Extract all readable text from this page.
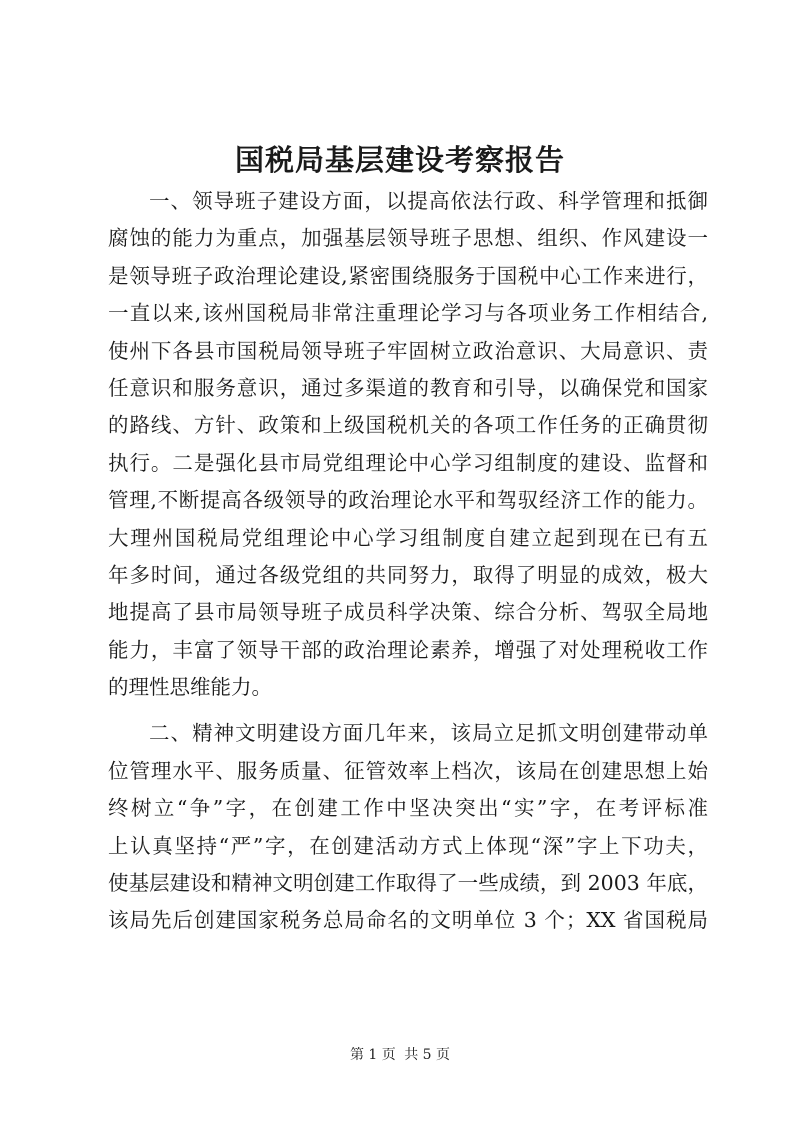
国税局基层建设考察报告
一、领导班子建设方面，以提高依法行政、科学管理和抵御
腐蚀的能力为重点，加强基层领导班子思想、组织、作风建设一
是领导班子政治理论建设,紧密围绕服务于国税中心工作来进行，
一直以来,该州国税局非常注重理论学习与各项业务工作相结合,
使州下各县市国税局领导班子牢固树立政治意识、大局意识、责
任意识和服务意识，通过多渠道的教育和引导，以确保党和国家
的路线、方针、政策和上级国税机关的各项工作任务的正确贯彻
执行。二是强化县市局党组理论中心学习组制度的建设、监督和
管理,不断提高各级领导的政治理论水平和驾驭经济工作的能力。
大理州国税局党组理论中心学习组制度自建立起到现在已有五
年多时间，通过各级党组的共同努力，取得了明显的成效，极大
地提高了县市局领导班子成员科学决策、综合分析、驾驭全局地
能力，丰富了领导干部的政治理论素养，增强了对处理税收工作
的理性思维能力。
二、精神文明建设方面几年来，该局立足抓文明创建带动单
位管理水平、服务质量、征管效率上档次，该局在创建思想上始
终树立“争”字，在创建工作中坚决突出“实”字，在考评标准
上认真坚持“严”字，在创建活动方式上体现“深”字上下功夫，
使基层建设和精神文明创建工作取得了一些成绩，到 2003 年底，
该局先后创建国家税务总局命名的文明单位 3 个；XX 省国税局
第 1 页 共 5 页
